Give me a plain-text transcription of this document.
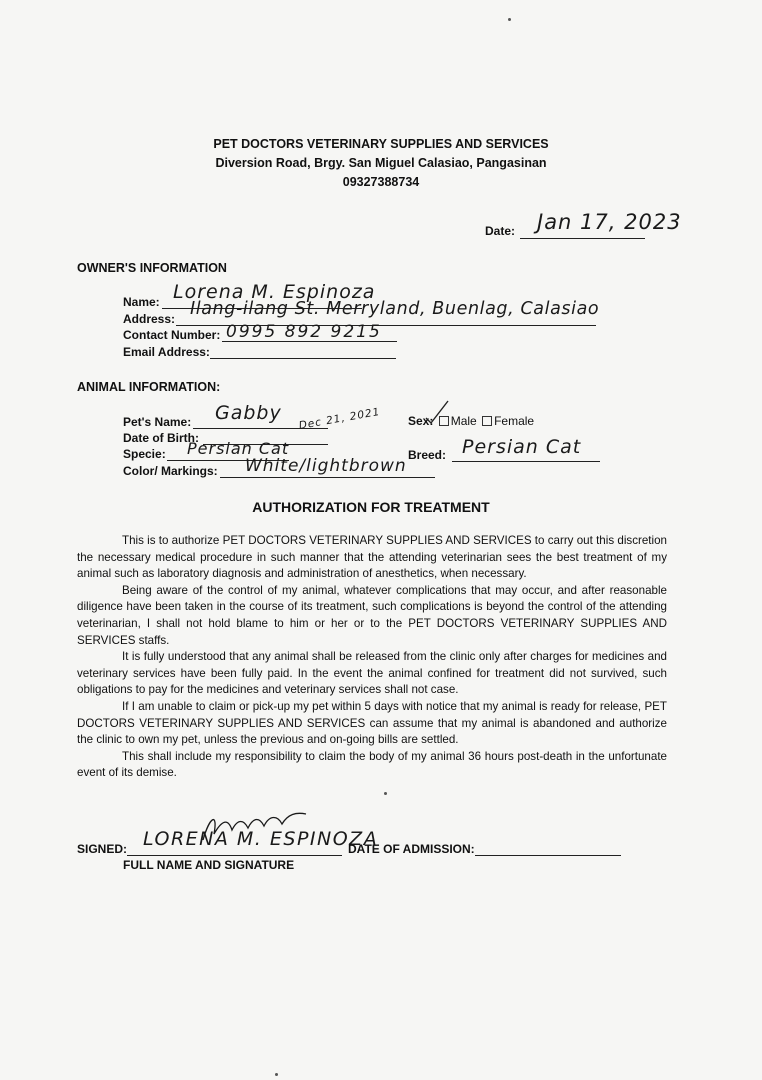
PET DOCTORS VETERINARY SUPPLIES AND SERVICES
Diversion Road, Brgy. San Miguel Calasiao, Pangasinan
09327388734
Date: Jan 17, 2023
OWNER'S INFORMATION
Name: Lorena M. Espinoza
Address: Ilang-ilang St. Merryland, Buenlag, Calasiao
Contact Number: 0995 892 9215
Email Address:
ANIMAL INFORMATION:
Pet's Name: Gabby
Date of Birth:
Dec 21, 2021
Specie: Persian Cat
Color/ Markings: White/lightbrown
Sex: Male Female
Breed: Persian Cat
AUTHORIZATION FOR TREATMENT

This is to authorize PET DOCTORS VETERINARY SUPPLIES AND SERVICES to carry out this discretion the necessary medical procedure in such manner that the attending veterinarian sees the best treatment of my animal such as laboratory diagnosis and administration of anesthetics, when necessary.

Being aware of the control of my animal, whatever complications that may occur, and after reasonable diligence have been taken in the course of its treatment, such complications is beyond the control of the attending veterinarian, I shall not hold blame to him or her or to the PET DOCTORS VETERINARY SUPPLIES AND SERVICES staffs.

It is fully understood that any animal shall be released from the clinic only after charges for medicines and veterinary services have been fully paid. In the event the animal confined for treatment did not survived, such obligations to pay for the medicines and veterinary services shall not case.

If I am unable to claim or pick-up my pet within 5 days with notice that my animal is ready for release, PET DOCTORS VETERINARY SUPPLIES AND SERVICES can assume that my animal is abandoned and authorize the clinic to own my pet, unless the previous and on-going bills are settled.

This shall include my responsibility to claim the body of my animal 36 hours post-death in the unfortunate event of its demise.

SIGNED: LORENA M. ESPINOZA
FULL NAME AND SIGNATURE
DATE OF ADMISSION:
